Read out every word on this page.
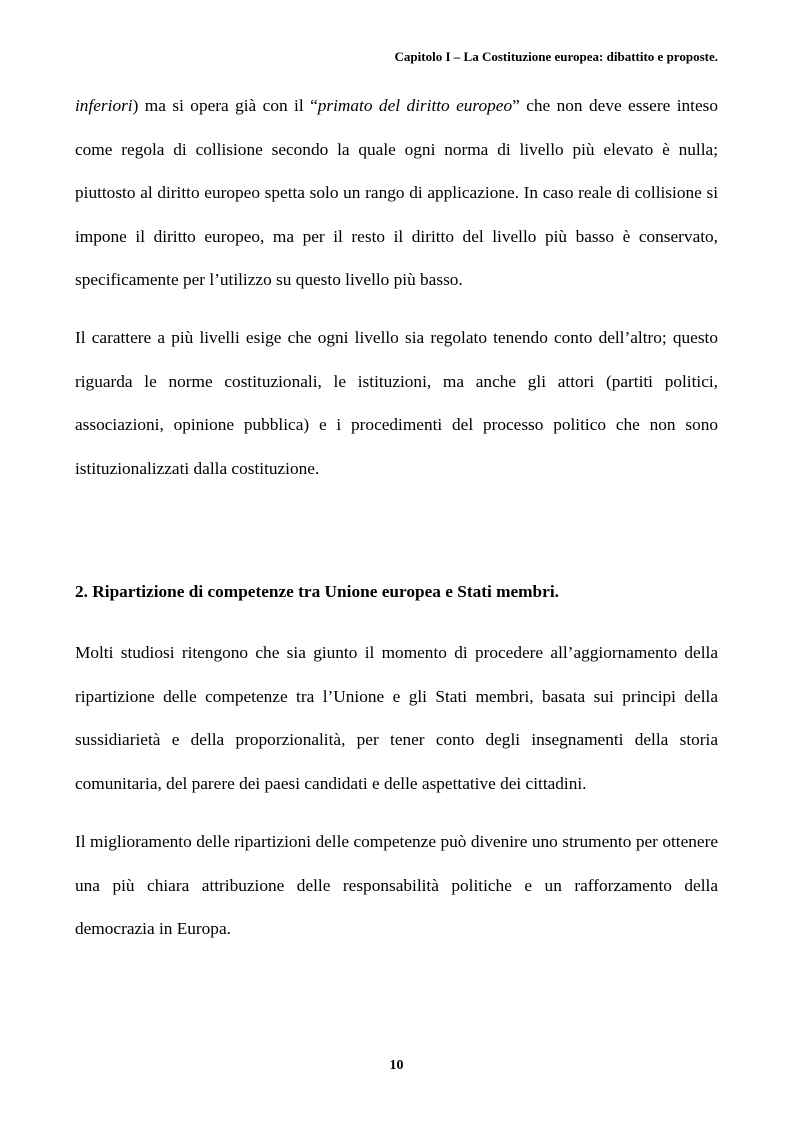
Capitolo I – La Costituzione europea: dibattito e proposte.

inferiori) ma si opera già con il “primato del diritto europeo” che non deve essere inteso come regola di collisione secondo la quale ogni norma di livello più elevato è nulla; piuttosto al diritto europeo spetta solo un rango di applicazione. In caso reale di collisione si impone il diritto europeo, ma per il resto il diritto del livello più basso è conservato, specificamente per l’utilizzo su questo livello più basso.

Il carattere a più livelli esige che ogni livello sia regolato tenendo conto dell’altro; questo riguarda le norme costituzionali, le istituzioni, ma anche gli attori (partiti politici, associazioni, opinione pubblica) e i procedimenti del processo politico che non sono istituzionalizzati dalla costituzione.

2. Ripartizione di competenze tra Unione europea e Stati membri.

Molti studiosi ritengono che sia giunto il momento di procedere all’aggiornamento della ripartizione delle competenze tra l’Unione e gli Stati membri, basata sui principi della sussidiarietà e della proporzionalità, per tener conto degli insegnamenti della storia comunitaria, del parere dei paesi candidati e delle aspettative dei cittadini.

Il miglioramento delle ripartizioni delle competenze può divenire uno strumento per ottenere una più chiara attribuzione delle responsabilità politiche e un rafforzamento della democrazia in Europa.

10
